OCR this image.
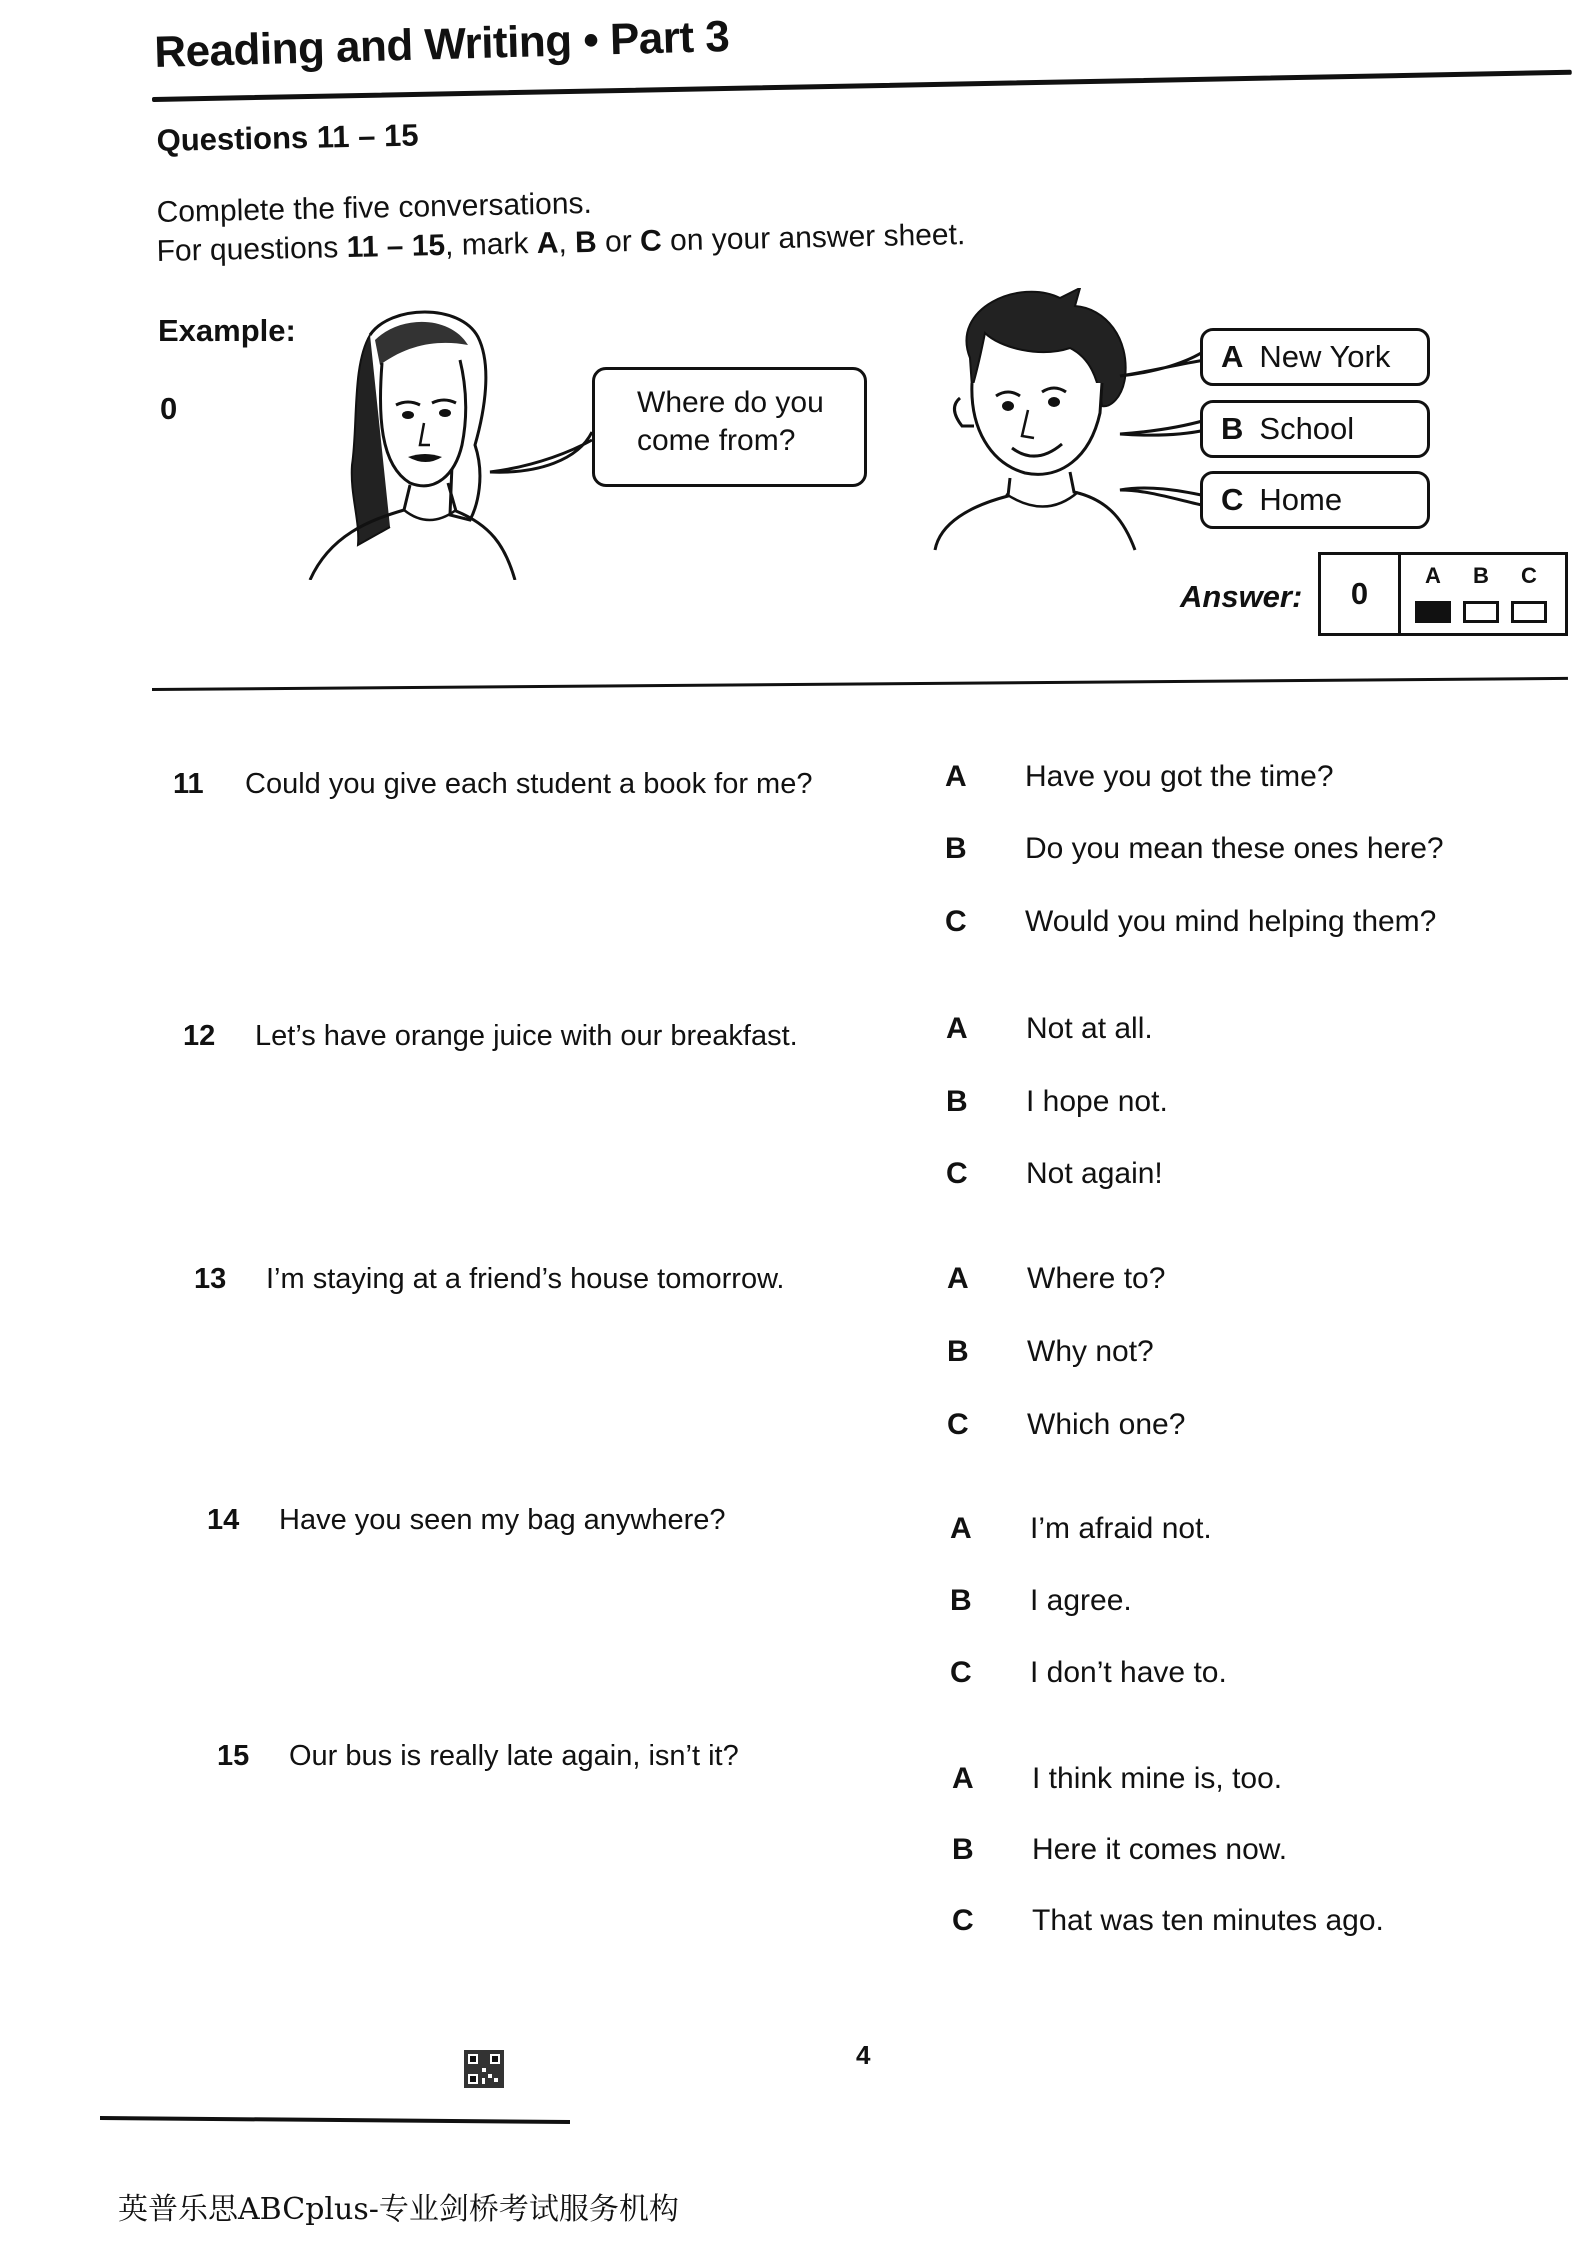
Reading and Writing • Part 3
Questions 11 – 15
Complete the five conversations.
For questions 11 – 15, mark A, B or C on your answer sheet.
Example:
0	Where do you
come from?
A New York
B School
C Home
Answer:	0
A	B	C
11 Could you give each student a book for me?	A Have you got the time?
B Do you mean these ones here?
C Would you mind helping them?
12 Let’s have orange juice with our breakfast.	A Not at all.
B I hope not.
C Not again!
13 I’m staying at a friend’s house tomorrow.	A Where to?
B Why not?
C Which one?
14 Have you seen my bag anywhere?	A I’m afraid not.
B I agree.
C I don’t have to.
15 Our bus is really late again, isn’t it?
A I think mine is, too.
B Here it comes now.
C That was ten minutes ago.
4
英普乐思ABCplus-专业剑桥考试服务机构
